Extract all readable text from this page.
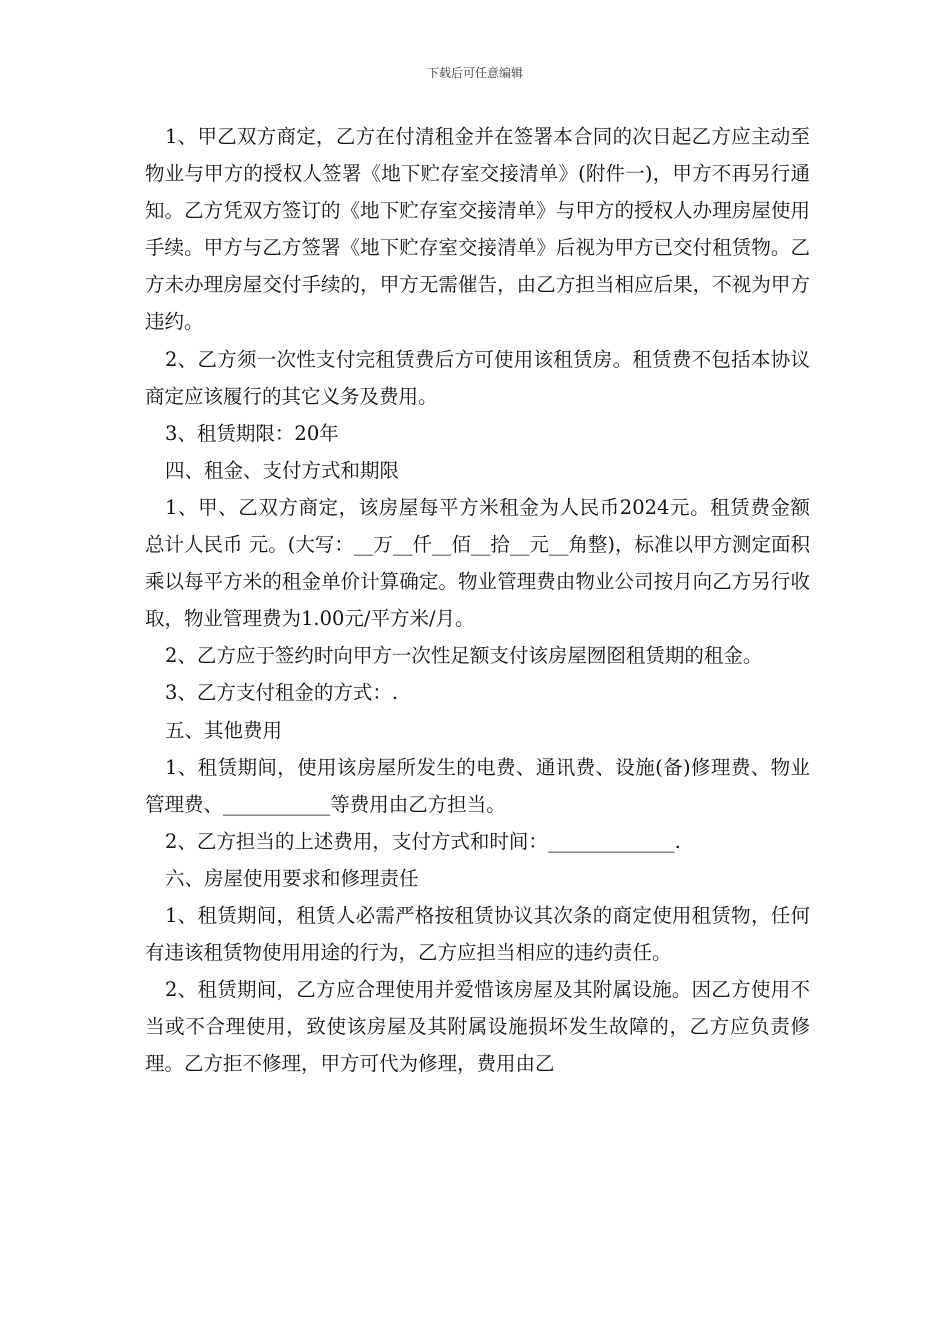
下载后可任意编辑

1、甲乙双方商定，乙方在付清租金并在签署本合同的次日起乙方应主动至物业与甲方的授权人签署《地下贮存室交接清单》(附件一)，甲方不再另行通知。乙方凭双方签订的《地下贮存室交接清单》与甲方的授权人办理房屋使用手续。甲方与乙方签署《地下贮存室交接清单》后视为甲方已交付租赁物。乙方未办理房屋交付手续的，甲方无需催告，由乙方担当相应后果，不视为甲方违约。

2、乙方须一次性支付完租赁费后方可使用该租赁房。租赁费不包括本协议商定应该履行的其它义务及费用。

3、租赁期限：20年

四、租金、支付方式和期限

1、甲、乙双方商定，该房屋每平方米租金为人民币2024元。租赁费金额总计人民币 元。(大写：__万__仟__佰__拾__元__角整)，标准以甲方测定面积乘以每平方米的租金单价计算确定。物业管理费由物业公司按月向乙方另行收取，物业管理费为1.00元/平方米/月。

2、乙方应于签约时向甲方一次性足额支付该房屋囫囵租赁期的租金。

3、乙方支付租金的方式：.

五、其他费用

1、租赁期间，使用该房屋所发生的电费、通讯费、设施(备)修理费、物业管理费、___________等费用由乙方担当。

2、乙方担当的上述费用，支付方式和时间：_____________.

六、房屋使用要求和修理责任

1、租赁期间，租赁人必需严格按租赁协议其次条的商定使用租赁物，任何有违该租赁物使用用途的行为，乙方应担当相应的违约责任。

2、租赁期间，乙方应合理使用并爱惜该房屋及其附属设施。因乙方使用不当或不合理使用，致使该房屋及其附属设施损坏发生故障的，乙方应负责修理。乙方拒不修理，甲方可代为修理，费用由乙
